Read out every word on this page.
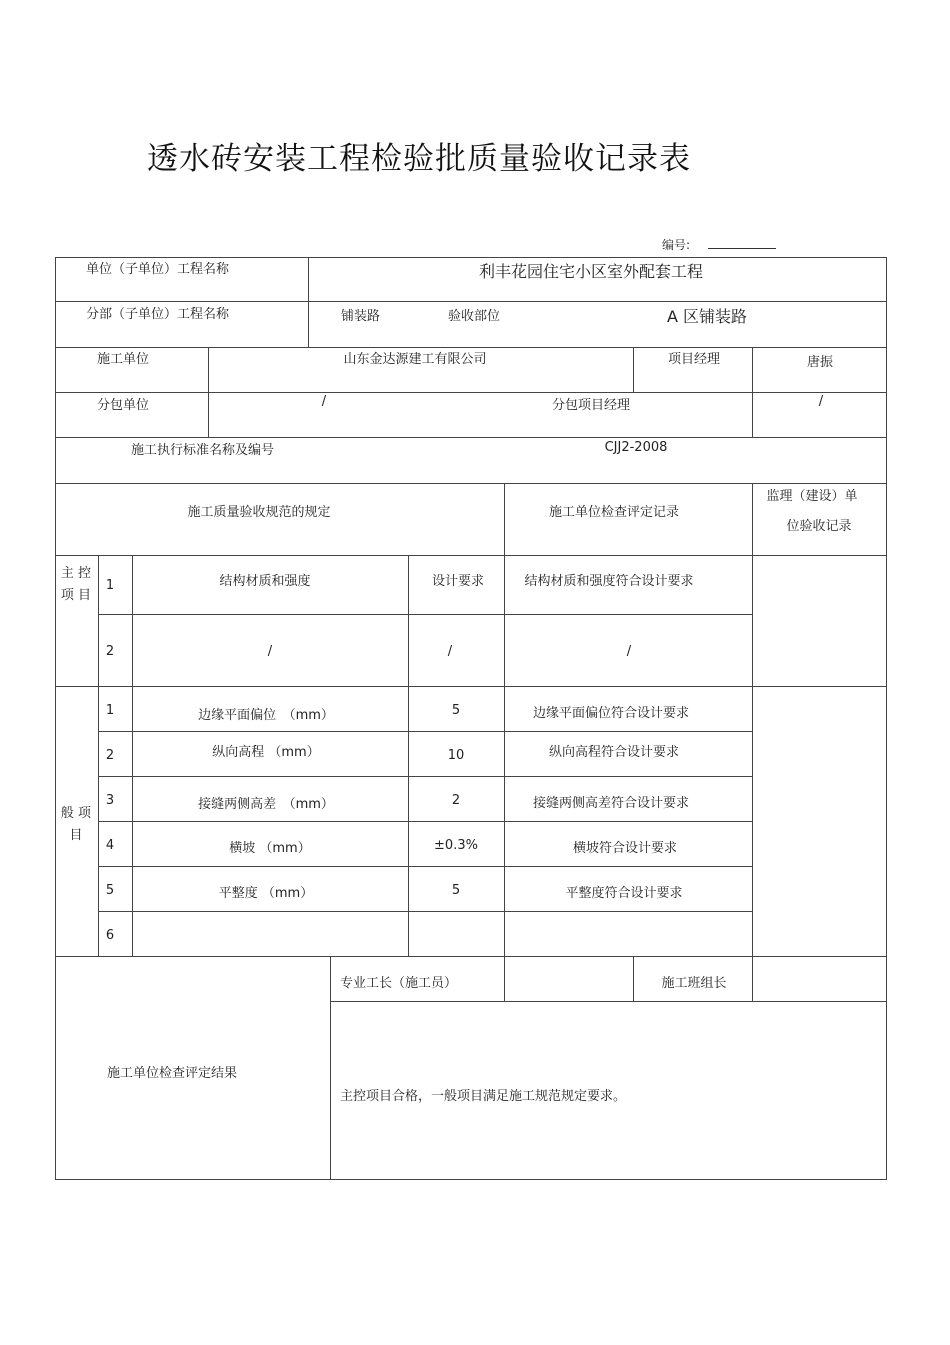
透水砖安装工程检验批质量验收记录表
编号:
单位（子单位）工程名称	利丰花园住宅小区室外配套工程
分部（子单位）工程名称	铺装路	验收部位	A 区铺装路
施工单位	山东金达源建工有限公司	项目经理	唐振
分包单位	/	分包项目经理	/
施工执行标准名称及编号	CJJ2-2008
施工质量验收规范的规定	施工单位检查评定记录
监理（建设）单
位验收记录
主 控
项 目
1	结构材质和强度	设计要求	结构材质和强度符合设计要求
2	/	/	/
般 项
目
1	边缘平面偏位　（mm）	5	边缘平面偏位符合设计要求
2	纵向高程 （mm）	10	纵向高程符合设计要求
3	接缝两侧高差　（mm）	2	接缝两侧高差符合设计要求
4	横坡 （mm）	±0.3%	横坡符合设计要求
5	平整度 （mm）	5	平整度符合设计要求
6
专业工长（施工员）	施工班组长
施工单位检查评定结果
主控项目合格，一般项目满足施工规范规定要求。
